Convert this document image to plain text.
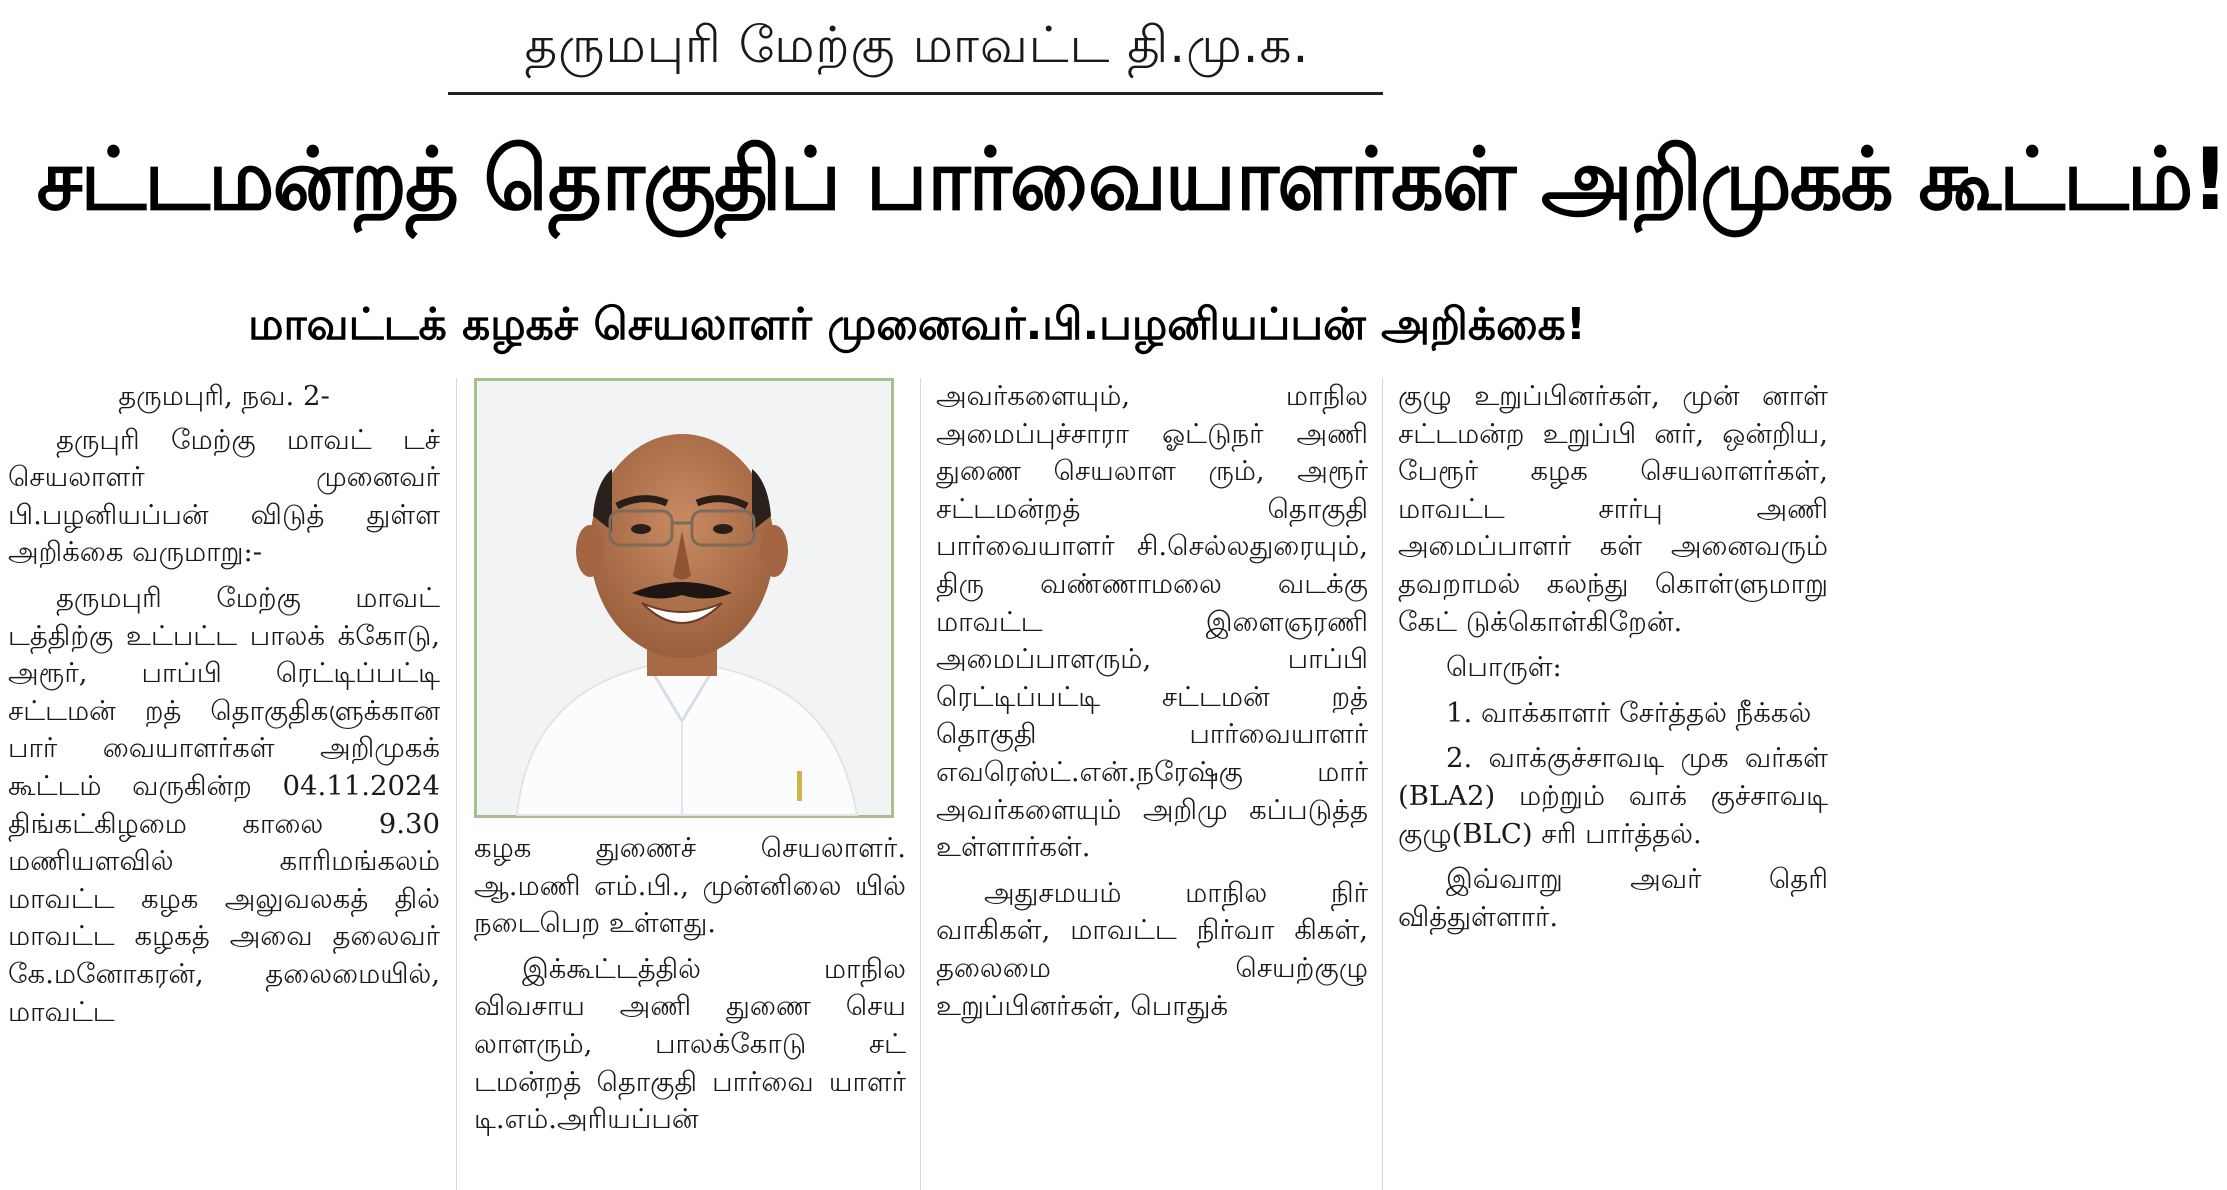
தருமபுரி மேற்கு மாவட்ட தி.மு.க.
சட்டமன்றத் தொகுதிப் பார்வையாளர்கள் அறிமுகக் கூட்டம்!
மாவட்டக் கழகச் செயலாளர் முனைவர்.பி.பழனியப்பன் அறிக்கை!

தருமபுரி, நவ. 2-

தருபுரி மேற்கு மாவட் டச் செயலாளர் முனைவர் பி.பழனியப்பன் விடுத் துள்ள அறிக்கை வருமாறு:-

தருமபுரி மேற்கு மாவட் டத்திற்கு உட்பட்ட பாலக் க்கோடு, அரூர், பாப்பி ரெட்டிப்பட்டி சட்டமன் றத் தொகுதிகளுக்கான பார் வையாளர்கள் அறிமுகக் கூட்டம் வருகின்ற 04.11.2024 திங்கட்கிழமை காலை 9.30 மணியளவில் காரிமங்கலம் மாவட்ட கழக அலுவலகத் தில் மாவட்ட கழகத் அவை தலைவர் கே.மனோகரன், தலைமையில், மாவட்ட

கழக துணைச் செயலாளர். ஆ.மணி எம்.பி., முன்னிலை யில் நடைபெற உள்ளது.

இக்கூட்டத்தில் மாநில விவசாய அணி துணை செய லாளரும், பாலக்கோடு சட் டமன்றத் தொகுதி பார்வை யாளர் டி.எம்.அரியப்பன்

அவர்களையும், மாநில அமைப்புச்சாரா ஓட்டுநர் அணி துணை செயலாள ரும், அரூர் சட்டமன்றத் தொகுதி பார்வையாளர் சி.செல்லதுரையும், திரு வண்ணாமலை வடக்கு மாவட்ட இளைஞரணி அமைப்பாளரும், பாப்பி ரெட்டிப்பட்டி சட்டமன் றத் தொகுதி பார்வையாளர் எவரெஸ்ட்.என்.நரேஷ்கு மார் அவர்களையும் அறிமு கப்படுத்த உள்ளார்கள்.

அதுசமயம் மாநில நிர் வாகிகள், மாவட்ட நிர்வா கிகள், தலைமை செயற்குழு உறுப்பினர்கள், பொதுக்

குழு உறுப்பினர்கள், முன் னாள் சட்டமன்ற உறுப்பி னர், ஒன்றிய, பேரூர் கழக செயலாளர்கள், மாவட்ட சார்பு அணி அமைப்பாளர் கள் அனைவரும் தவறாமல் கலந்து கொள்ளுமாறு கேட் டுக்கொள்கிறேன்.

பொருள்:

1. வாக்காளர் சேர்த்தல் நீக்கல்

2. வாக்குச்சாவடி முக வர்கள் (BLA2) மற்றும் வாக் குச்சாவடி குழு(BLC) சரி பார்த்தல்.

இவ்வாறு அவர் தெரி வித்துள்ளார்.
